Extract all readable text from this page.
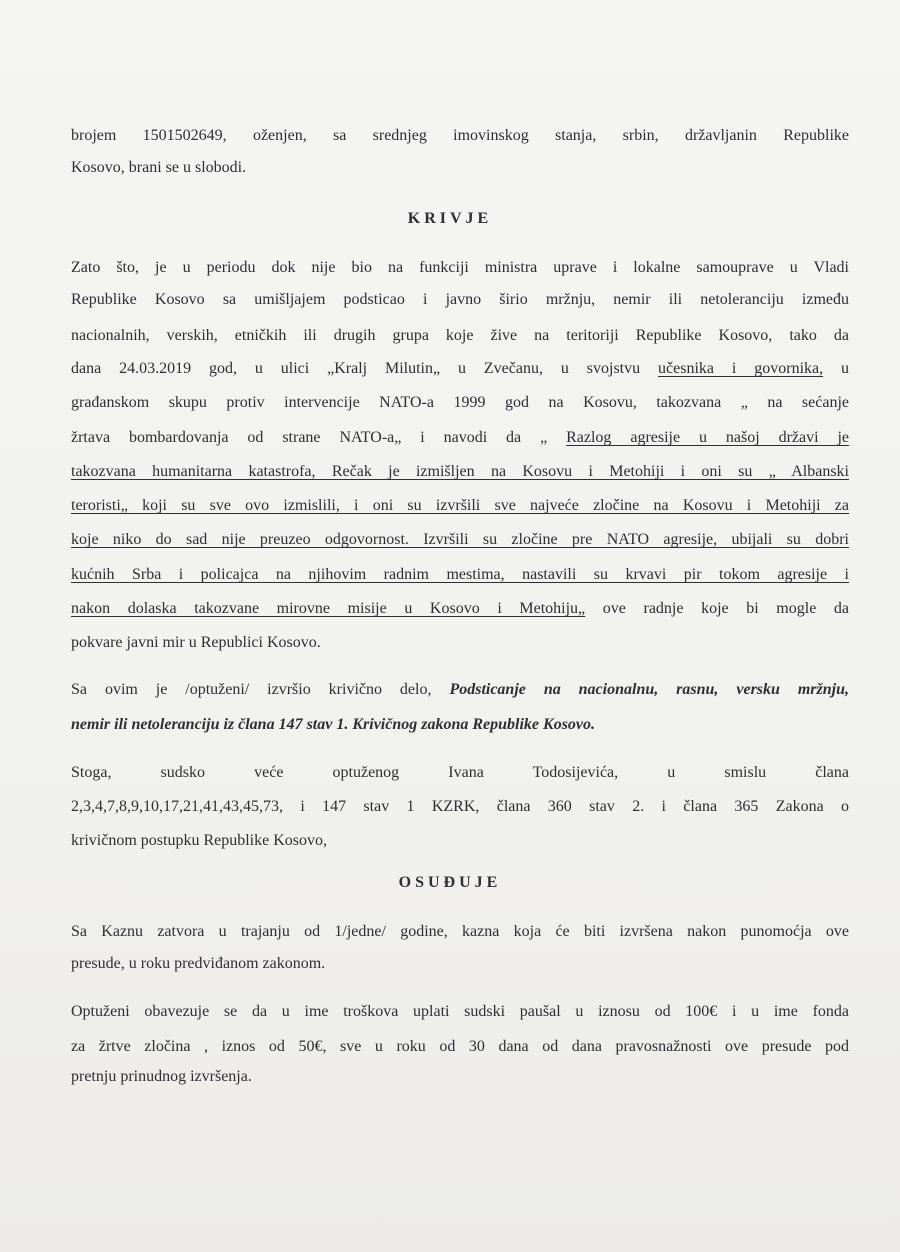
brojem 1501502649, oženjen, sa srednjeg imovinskog stanja, srbin, državljanin Republike
Kosovo, brani se u slobodi.
KRIVJE
Zato što, je u periodu dok nije bio na funkciji ministra uprave i lokalne samouprave u Vladi
Republike Kosovo sa umišljajem podsticao i javno širio mržnju, nemir ili netoleranciju između
nacionalnih, verskih, etničkih ili drugih grupa koje žive na teritoriji Republike Kosovo, tako da
dana 24.03.2019 god, u ulici „Kralj Milutin„ u Zvečanu, u svojstvu učesnika i govornika, u
građanskom skupu protiv intervencije NATO-a 1999 god na Kosovu, takozvana „ na sećanje
žrtava bombardovanja od strane NATO-a„ i navodi da „ Razlog agresije u našoj državi je
takozvana humanitarna katastrofa, Rečak je izmišljen na Kosovu i Metohiji i oni su „ Albanski
teroristi„ koji su sve ovo izmislili, i oni su izvršili sve najveće zločine na Kosovu i Metohiji za
koje niko do sad nije preuzeo odgovornost. Izvršili su zločine pre NATO agresije, ubijali su dobri
kućnih Srba i policajca na njihovim radnim mestima, nastavili su krvavi pir tokom agresije i
nakon dolaska takozvane mirovne misije u Kosovo i Metohiju„ ove radnje koje bi mogle da
pokvare javni mir u Republici Kosovo.
Sa ovim je /optuženi/ izvršio krivično delo, Podsticanje na nacionalnu, rasnu, versku mržnju,
nemir ili netoleranciju iz člana 147 stav 1. Krivičnog zakona Republike Kosovo.
Stoga, sudsko veće optuženog Ivana Todosijevića, u smislu člana
2,3,4,7,8,9,10,17,21,41,43,45,73, i 147 stav 1 KZRK, člana 360 stav 2. i člana 365 Zakona o
krivičnom postupku Republike Kosovo,
OSUĐUJE
Sa Kaznu zatvora u trajanju od 1/jedne/ godine, kazna koja će biti izvršena nakon punomoćja ove
presude, u roku predviđanom zakonom.
Optuženi obavezuje se da u ime troškova uplati sudski paušal u iznosu od 100€ i u ime fonda
za žrtve zločina , iznos od 50€, sve u roku od 30 dana od dana pravosnažnosti ove presude pod
pretnju prinudnog izvršenja.
